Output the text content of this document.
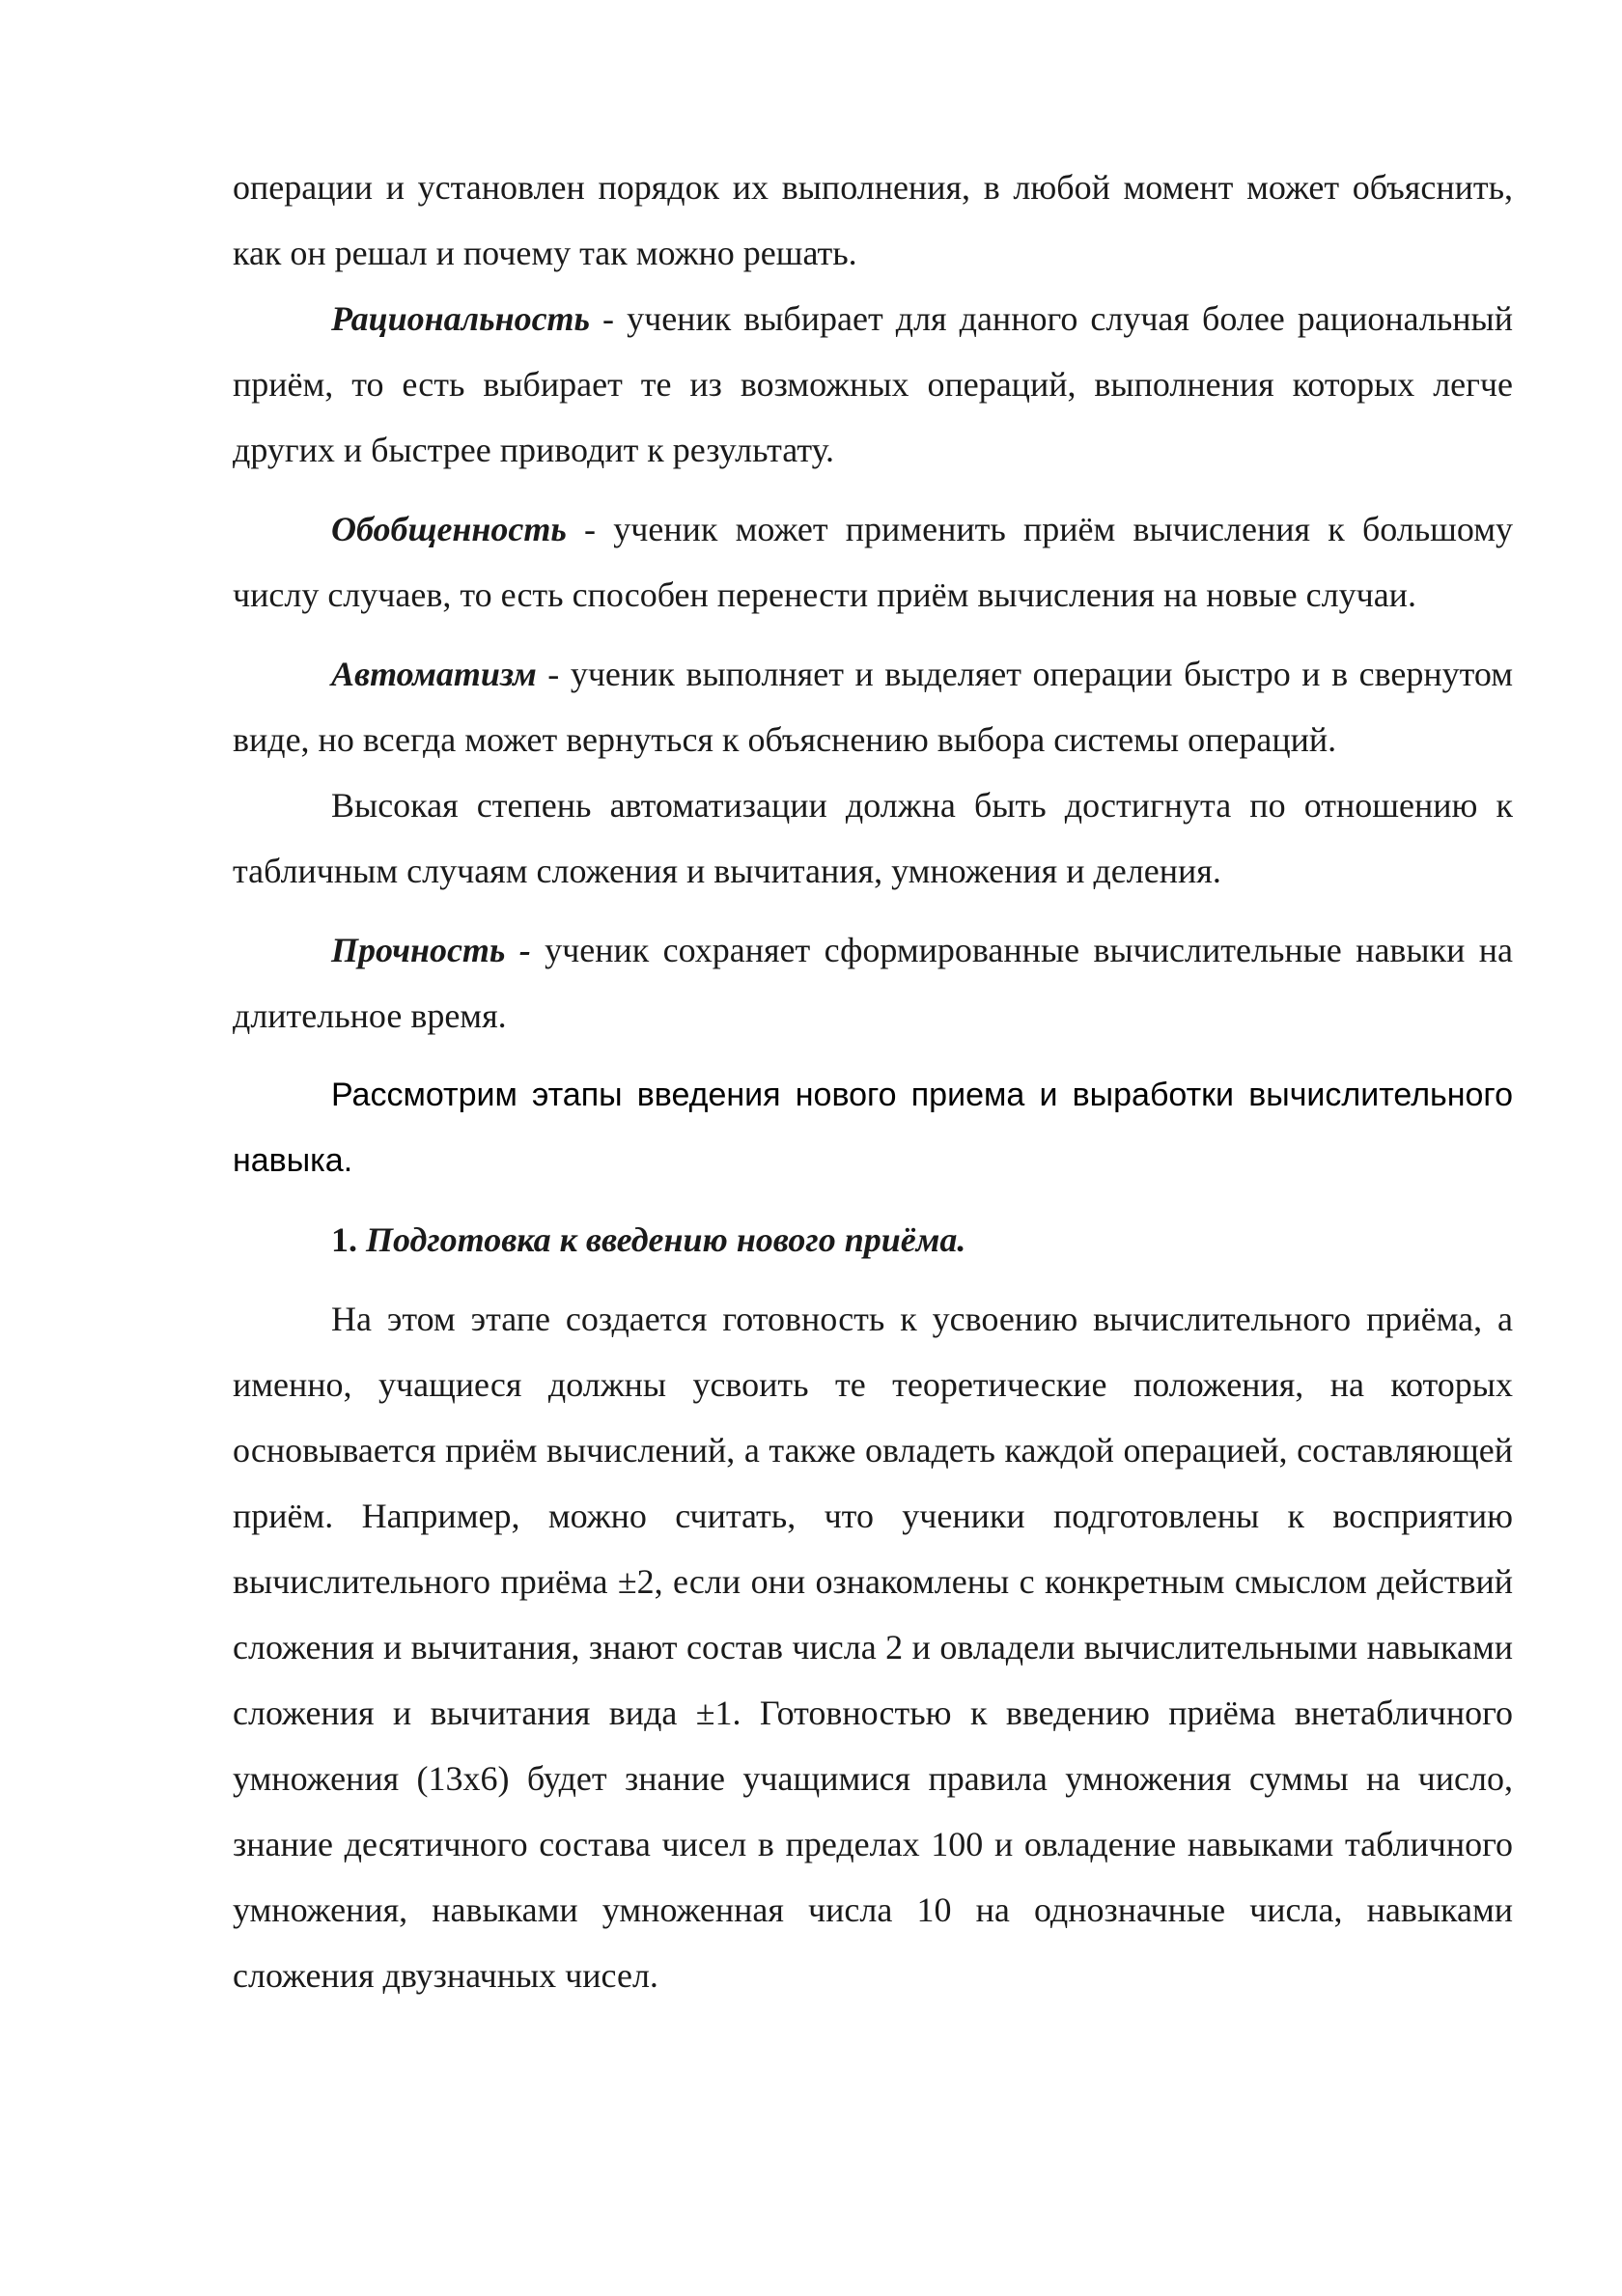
операции и установлен порядок их выполнения, в любой момент может объяснить, как он решал и почему так можно решать.

Рациональность - ученик выбирает для данного случая более рациональный приём, то есть выбирает те из возможных операций, выполнения которых легче других и быстрее приводит к результату.

Обобщенность - ученик может применить приём вычисления к большому числу случаев, то есть способен перенести приём вычисления на новые случаи.

Автоматизм - ученик выполняет и выделяет операции быстро и в свернутом виде, но всегда может вернуться к объяснению выбора системы операций.

Высокая степень автоматизации должна быть достигнута по отношению к табличным случаям сложения и вычитания, умножения и деления.

Прочность - ученик сохраняет сформированные вычислительные навыки на длительное время.

Рассмотрим этапы введения нового приема и выработки вычислительного навыка.

1. Подготовка к введению нового приёма.

На этом этапе создается готовность к усвоению вычислительного приёма, а именно, учащиеся должны усвоить те теоретические положения, на которых основывается приём вычислений, а также овладеть каждой операцией, составляющей приём. Например, можно считать, что ученики подготовлены к восприятию вычислительного приёма ±2, если они ознакомлены с конкретным смыслом действий сложения и вычитания, знают состав числа 2 и овладели вычислительными навыками сложения и вычитания вида ±1. Готовностью к введению приёма внетабличного умножения (13х6) будет знание учащимися правила умножения суммы на число, знание десятичного состава чисел в пределах 100 и овладение навыками табличного умножения, навыками умноженная числа 10 на однозначные числа, навыками сложения двузначных чисел.
